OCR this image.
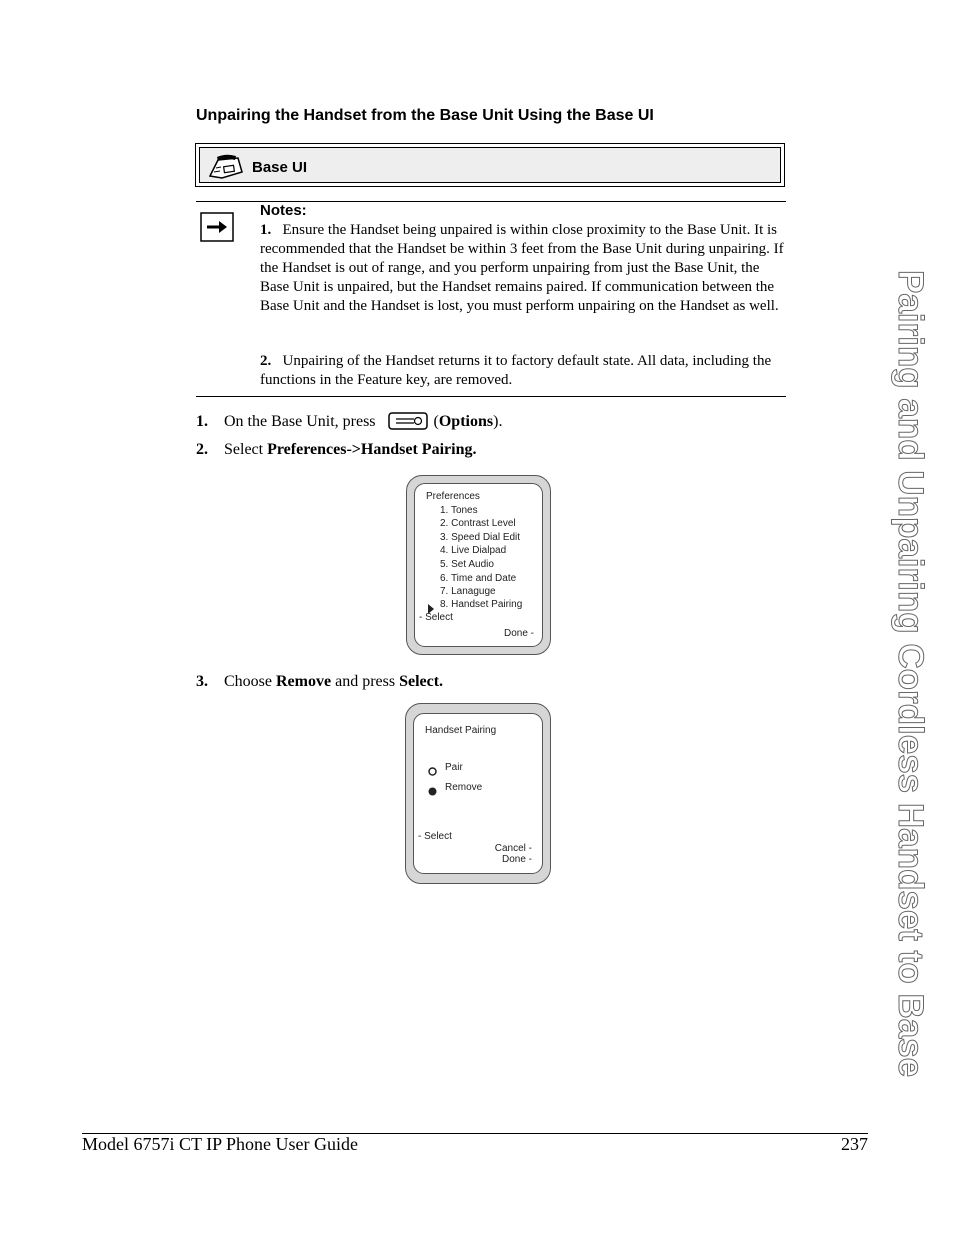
Unpairing the Handset from the Base Unit Using the Base UI
Base UI
Notes:
1. Ensure the Handset being unpaired is within close proximity to the Base Unit. It is recommended that the Handset be within 3 feet from the Base Unit during unpairing. If the Handset is out of range, and you perform unpairing from just the Base Unit, the Base Unit is unpaired, but the Handset remains paired. If communication between the Base Unit and the Handset is lost, you must perform unpairing on the Handset as well.
2. Unpairing of the Handset returns it to factory default state. All data, including the functions in the Feature key, are removed.
1. On the Base Unit, press	(Options).
2. Select Preferences->Handset Pairing.
Preferences
1. Tones
2. Contrast Level
3. Speed Dial Edit
4. Live Dialpad
5. Set Audio
6. Time and Date
7. Lanaguge
8. Handset Pairing
- Select
Done -
3. Choose Remove and press Select.
Handset Pairing
Pair
Remove
- Select
Cancel -
Done -	Pairing and Unpairing Cordless Handset to Base
Model 6757i CT IP Phone User Guide	237
